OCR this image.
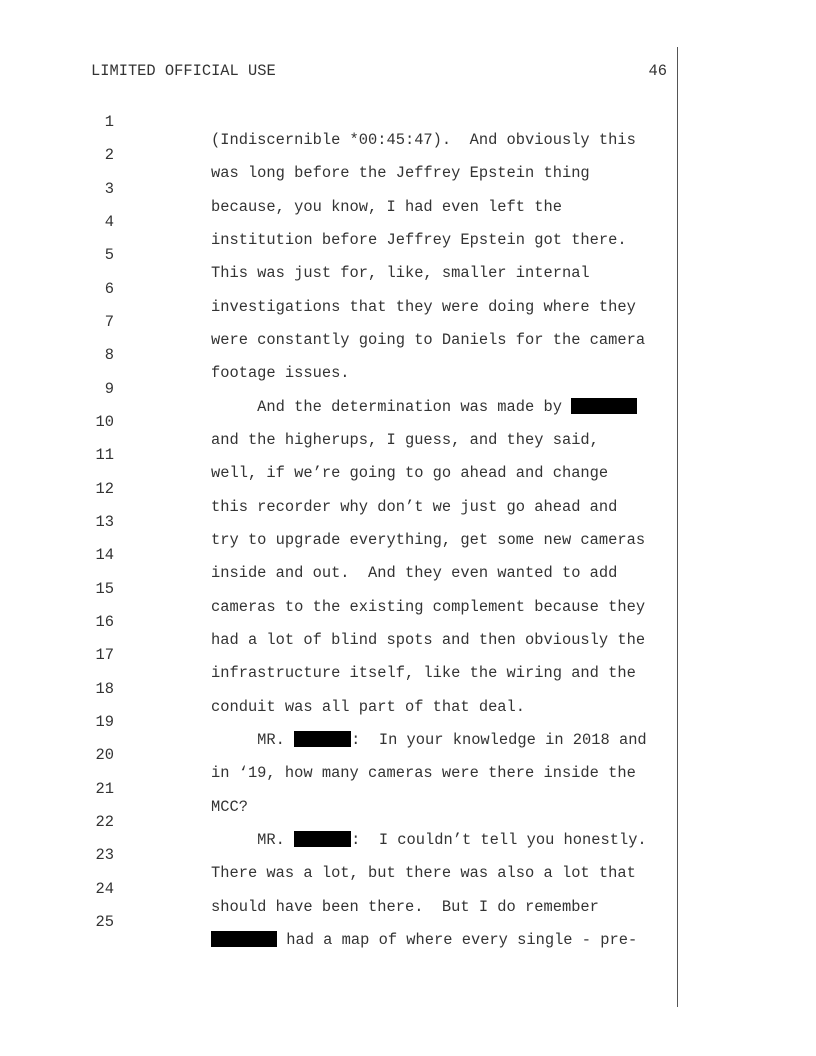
LIMITED OFFICIAL USE	46

1

(Indiscernible *00:45:47).  And obviously this

2

was long before the Jeffrey Epstein thing

3

because, you know, I had even left the

4

institution before Jeffrey Epstein got there.

5

This was just for, like, smaller internal

6

investigations that they were doing where they

7

were constantly going to Daniels for the camera

8

footage issues.

9

And the determination was made by

10

and the higherups, I guess, and they said,

11

well, if we’re going to go ahead and change

12

this recorder why don’t we just go ahead and

13

try to upgrade everything, get some new cameras

14

inside and out.  And they even wanted to add

15

cameras to the existing complement because they

16

had a lot of blind spots and then obviously the

17

infrastructure itself, like the wiring and the

18

conduit was all part of that deal.

19

MR.	:  In your knowledge in 2018 and

20

in ‘19, how many cameras were there inside the

21

MCC?

22

MR.	:  I couldn’t tell you honestly.

23

There was a lot, but there was also a lot that

24

should have been there.  But I do remember

25

had a map of where every single - pre-
